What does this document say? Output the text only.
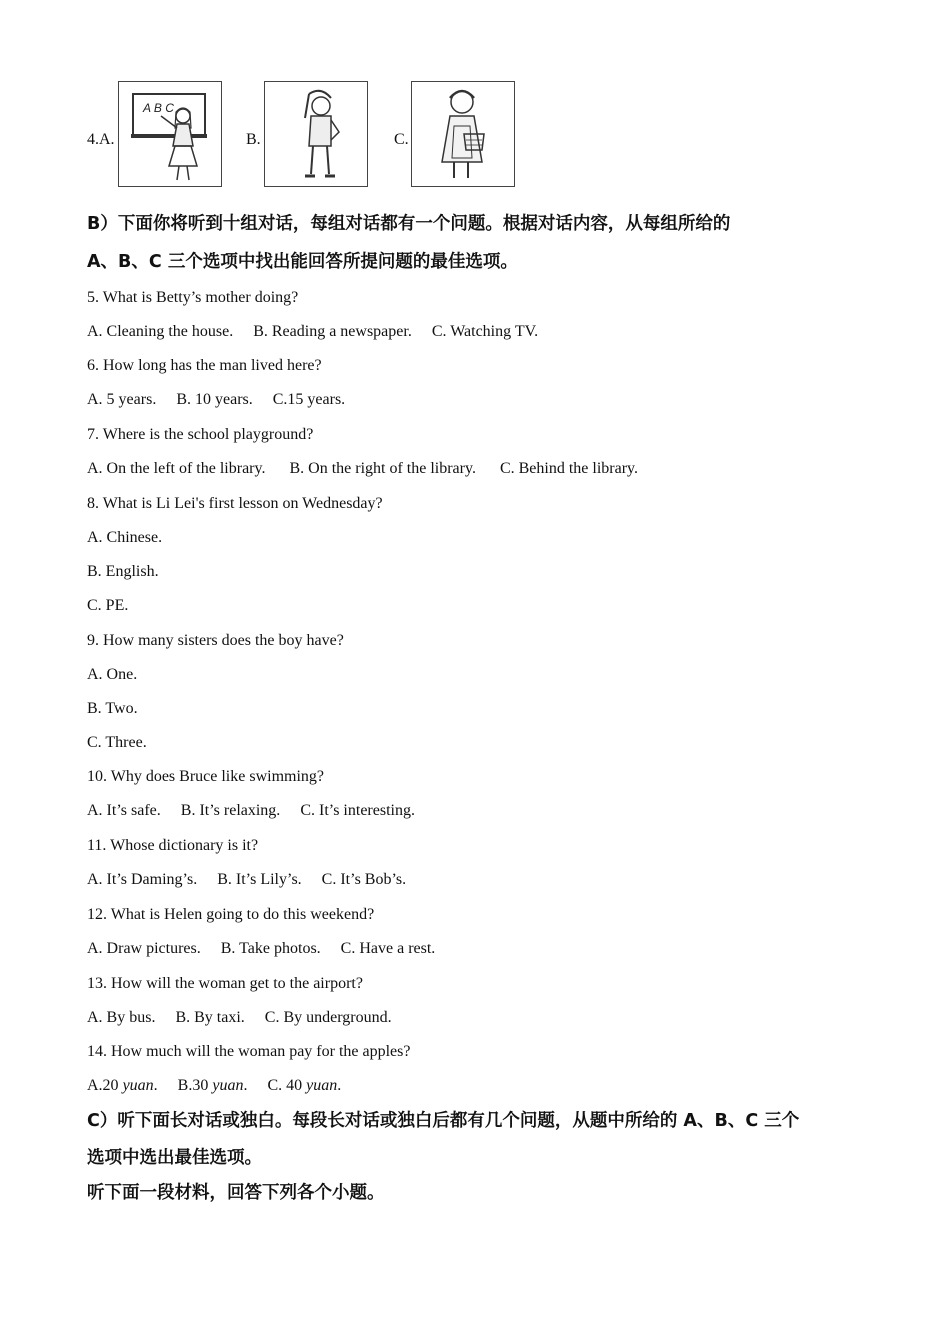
4.A.
A B C
B.	C.
B）下面你将听到十组对话，每组对话都有一个问题。根据对话内容，从每组所给的
A、B、C 三个选项中找出能回答所提问题的最佳选项。
5. What is Betty’s mother doing?
A. Cleaning the house. B. Reading a newspaper. C. Watching TV.
6. How long has the man lived here?
A. 5 years. B. 10 years. C.15 years.
7. Where is the school playground?
A. On the left of the library. B. On the right of the library. C. Behind the library.
8. What is Li Lei's first lesson on Wednesday?
A. Chinese.
B. English.
C. PE.
9. How many sisters does the boy have?
A. One.
B. Two.
C. Three.
10. Why does Bruce like swimming?
A. It’s safe. B. It’s relaxing. C. It’s interesting.
11. Whose dictionary is it?
A. It’s Daming’s. B. It’s Lily’s. C. It’s Bob’s.
12. What is Helen going to do this weekend?
A. Draw pictures. B. Take photos. C. Have a rest.
13. How will the woman get to the airport?
A. By bus. B. By taxi. C. By underground.
14. How much will the woman pay for the apples?
A.20 yuan. B.30 yuan. C. 40 yuan.
C）听下面长对话或独白。每段长对话或独白后都有几个问题，从题中所给的 A、B、C 三个
选项中选出最佳选项。
听下面一段材料，回答下列各个小题。
